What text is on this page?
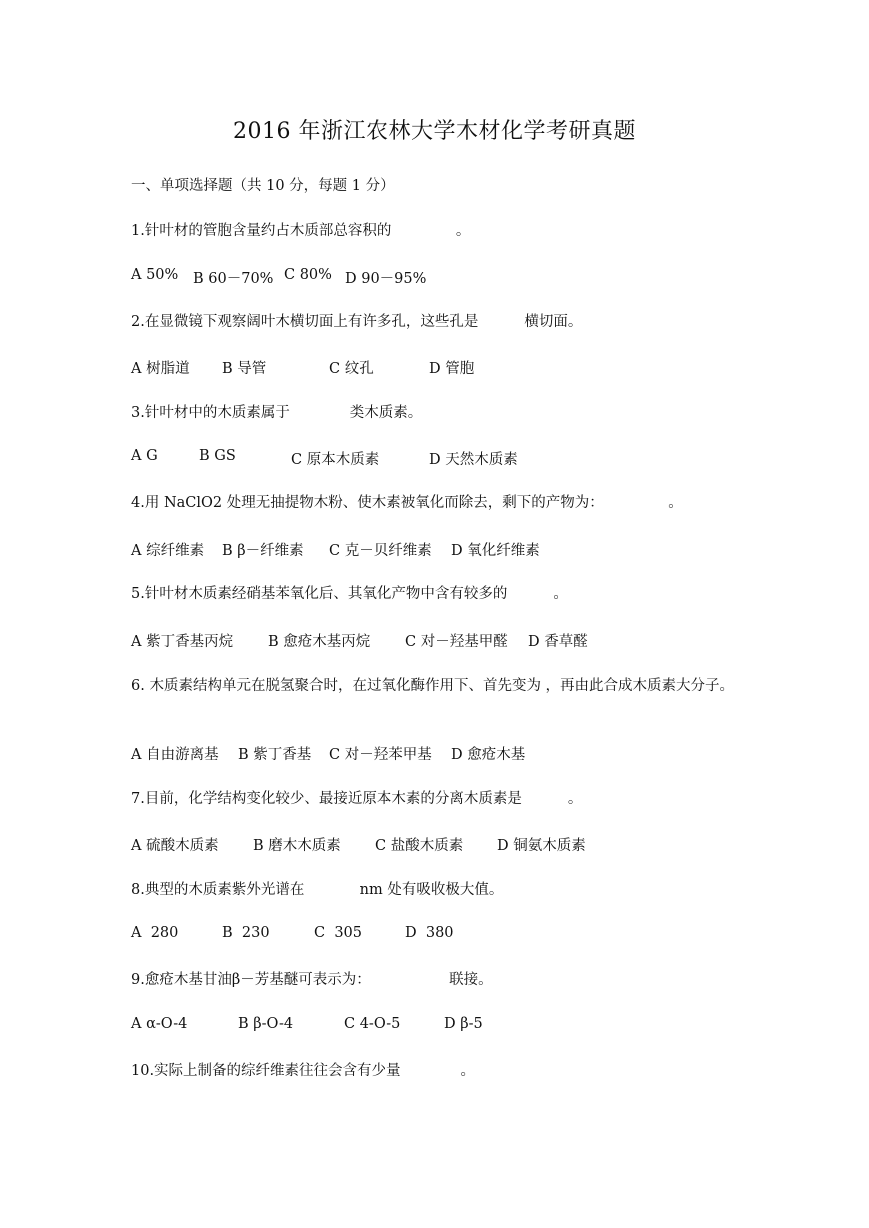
2016 年浙江农林大学木材化学考研真题
一、单项选择题（共 10 分，每题 1 分）
1.针叶材的管胞含量约占木质部总容积的              。
A 50% B 60－70% C 80% D 90－95%
2.在显微镜下观察阔叶木横切面上有许多孔，这些孔是          横切面。
A 树脂道 B 导管	C 纹孔	D 管胞
3.针叶材中的木质素属于             类木质素。
A G	B GS	C 原本木质素	D 天然木质素
4.用 NaClO2 处理无抽提物木粉、使木素被氧化而除去，剩下的产物为：              。
A 综纤维素 B β－纤维素 C 克－贝纤维素 D 氧化纤维素
5.针叶材木质素经硝基苯氧化后、其氧化产物中含有较多的          。
A 紫丁香基丙烷 B 愈疮木基丙烷 C 对－羟基甲醛 D 香草醛
6. 木质素结构单元在脱氢聚合时，在过氧化酶作用下、首先变为 ，再由此合成木质素大分子。
A 自由游离基 B 紫丁香基 C 对－羟苯甲基 D 愈疮木基
7.目前，化学结构变化较少、最接近原本木素的分离木质素是          。
A 硫酸木质素 B 磨木木质素 C 盐酸木质素 D 铜氨木质素
8.典型的木质素紫外光谱在            nm 处有吸收极大值。
A  280	B  230	C  305	D  380
9.愈疮木基甘油β－芳基醚可表示为：                 联接。
A α-O-4	B β-O-4	C 4-O-5	D β-5
10.实际上制备的综纤维素往往会含有少量             。
